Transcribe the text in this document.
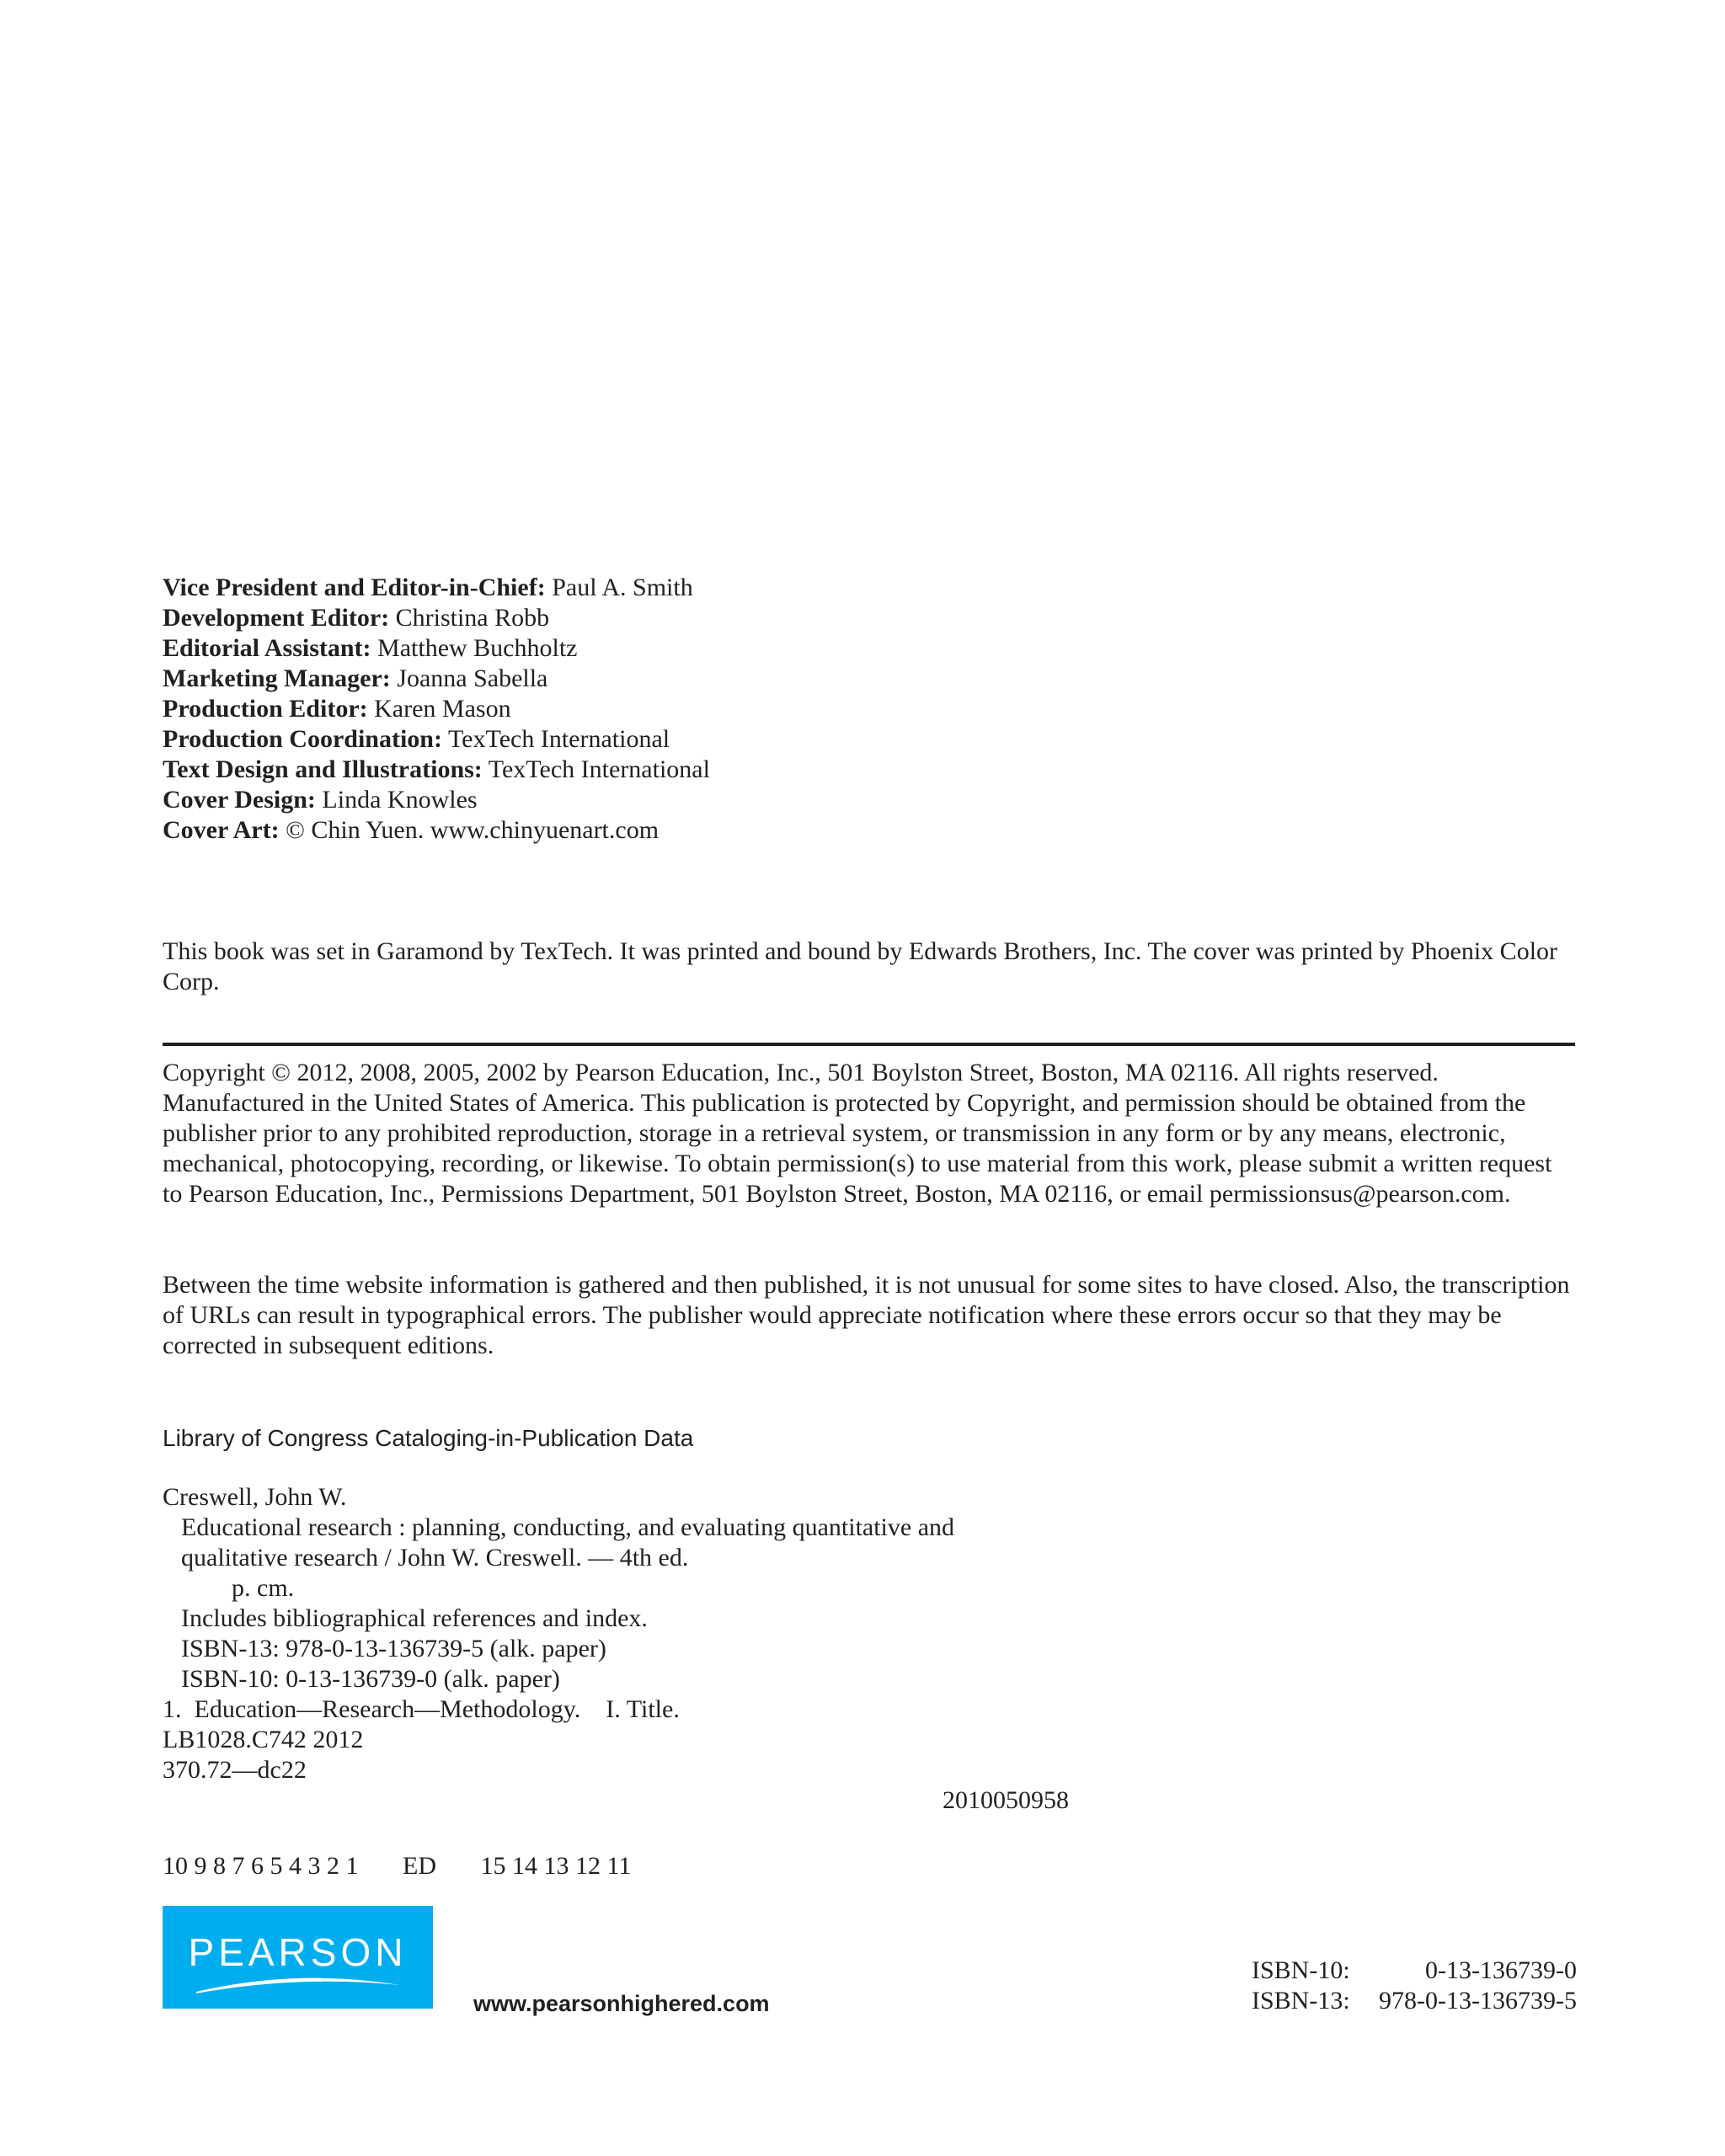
Vice President and Editor-in-Chief: Paul A. Smith
Development Editor: Christina Robb
Editorial Assistant: Matthew Buchholtz
Marketing Manager: Joanna Sabella
Production Editor: Karen Mason
Production Coordination: TexTech International
Text Design and Illustrations: TexTech International
Cover Design: Linda Knowles
Cover Art: © Chin Yuen. www.chinyuenart.com
This book was set in Garamond by TexTech. It was printed and bound by Edwards Brothers, Inc. The cover was printed by Phoenix Color Corp.
Copyright © 2012, 2008, 2005, 2002 by Pearson Education, Inc., 501 Boylston Street, Boston, MA 02116. All rights reserved. Manufactured in the United States of America. This publication is protected by Copyright, and permission should be obtained from the publisher prior to any prohibited reproduction, storage in a retrieval system, or transmission in any form or by any means, electronic, mechanical, photocopying, recording, or likewise. To obtain permission(s) to use material from this work, please submit a written request to Pearson Education, Inc., Permissions Department, 501 Boylston Street, Boston, MA 02116, or email permissionsus@pearson.com.
Between the time website information is gathered and then published, it is not unusual for some sites to have closed. Also, the transcription of URLs can result in typographical errors. The publisher would appreciate notification where these errors occur so that they may be corrected in subsequent editions.
Library of Congress Cataloging-in-Publication Data
Creswell, John W.
Educational research : planning, conducting, and evaluating quantitative and
qualitative research / John W. Creswell. — 4th ed.
p. cm.
Includes bibliographical references and index.
ISBN-13: 978-0-13-136739-5 (alk. paper)
ISBN-10: 0-13-136739-0 (alk. paper)
1.  Education—Research—Methodology.    I. Title.
LB1028.C742 2012
370.72—dc22
2010050958
10 9 8 7 6 5 4 3 2 1       ED       15 14 13 12 11
PEARSON
www.pearsonhighered.com
ISBN-10:	0-13-136739-0
ISBN-13:	978-0-13-136739-5
